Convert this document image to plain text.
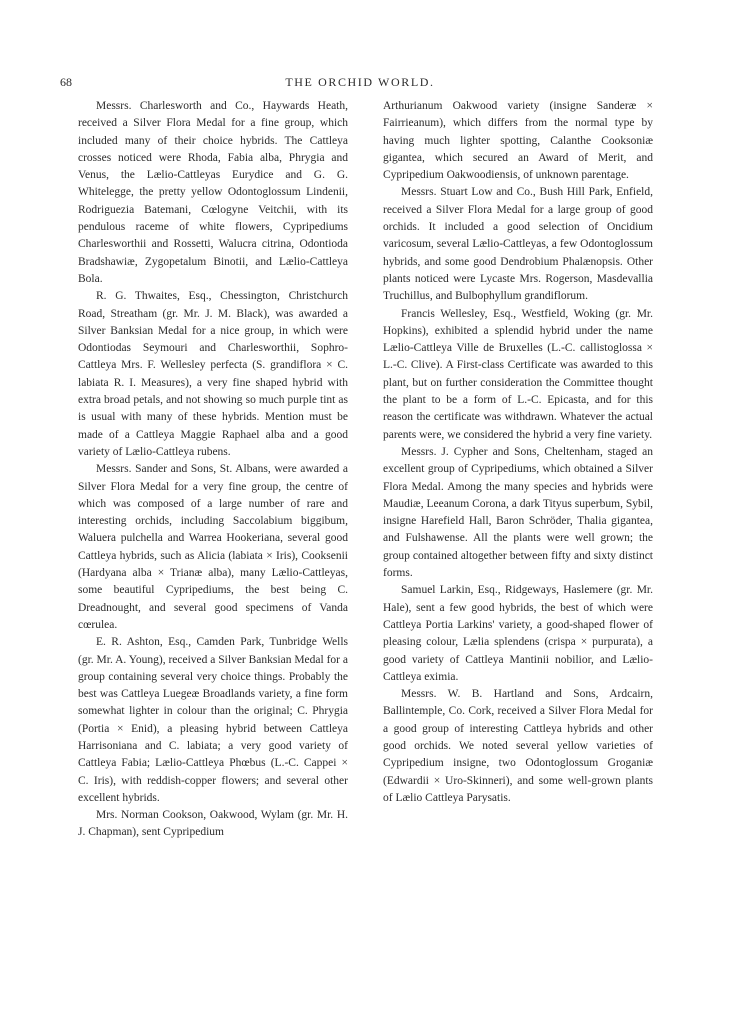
68	THE ORCHID WORLD.

Messrs. Charlesworth and Co., Haywards Heath, received a Silver Flora Medal for a fine group, which included many of their choice hybrids. The Cattleya crosses noticed were Rhoda, Fabia alba, Phrygia and Venus, the Lælio-Cattleyas Eurydice and G. G. Whitelegge, the pretty yellow Odontoglossum Lindenii, Rodriguezia Batemani, Cœlogyne Veitchii, with its pendulous raceme of white flowers, Cypripediums Charlesworthii and Rossetti, Walucra citrina, Odontioda Bradshawiæ, Zygopetalum Binotii, and Lælio-Cattleya Bola.

R. G. Thwaites, Esq., Chessington, Christchurch Road, Streatham (gr. Mr. J. M. Black), was awarded a Silver Banksian Medal for a nice group, in which were Odontiodas Seymouri and Charlesworthii, Sophro-Cattleya Mrs. F. Wellesley perfecta (S. grandiflora × C. labiata R. I. Measures), a very fine shaped hybrid with extra broad petals, and not showing so much purple tint as is usual with many of these hybrids. Mention must be made of a Cattleya Maggie Raphael alba and a good variety of Lælio-Cattleya rubens.

Messrs. Sander and Sons, St. Albans, were awarded a Silver Flora Medal for a very fine group, the centre of which was composed of a large number of rare and interesting orchids, including Saccolabium biggibum, Waluera pulchella and Warrea Hookeriana, several good Cattleya hybrids, such as Alicia (labiata × Iris), Cooksenii (Hardyana alba × Trianæ alba), many Lælio-Cattleyas, some beautiful Cypripediums, the best being C. Dreadnought, and several good specimens of Vanda cœrulea.

E. R. Ashton, Esq., Camden Park, Tunbridge Wells (gr. Mr. A. Young), received a Silver Banksian Medal for a group containing several very choice things. Probably the best was Cattleya Luegeæ Broadlands variety, a fine form somewhat lighter in colour than the original; C. Phrygia (Portia × Enid), a pleasing hybrid between Cattleya Harrisoniana and C. labiata; a very good variety of Cattleya Fabia; Lælio-Cattleya Phœbus (L.-C. Cappei × C. Iris), with reddish-copper flowers; and several other excellent hybrids.

Mrs. Norman Cookson, Oakwood, Wylam (gr. Mr. H. J. Chapman), sent Cypripedium

Arthurianum Oakwood variety (insigne Sanderæ × Fairrieanum), which differs from the normal type by having much lighter spotting, Calanthe Cooksoniæ gigantea, which secured an Award of Merit, and Cypripedium Oakwoodiensis, of unknown parentage.

Messrs. Stuart Low and Co., Bush Hill Park, Enfield, received a Silver Flora Medal for a large group of good orchids. It included a good selection of Oncidium varicosum, several Lælio-Cattleyas, a few Odontoglossum hybrids, and some good Dendrobium Phalænopsis. Other plants noticed were Lycaste Mrs. Rogerson, Masdevallia Truchillus, and Bulbophyllum grandiflorum.

Francis Wellesley, Esq., Westfield, Woking (gr. Mr. Hopkins), exhibited a splendid hybrid under the name Lælio-Cattleya Ville de Bruxelles (L.-C. callistoglossa × L.-C. Clive). A First-class Certificate was awarded to this plant, but on further consideration the Committee thought the plant to be a form of L.-C. Epicasta, and for this reason the certificate was withdrawn. Whatever the actual parents were, we considered the hybrid a very fine variety.

Messrs. J. Cypher and Sons, Cheltenham, staged an excellent group of Cypripediums, which obtained a Silver Flora Medal. Among the many species and hybrids were Maudiæ, Leeanum Corona, a dark Tityus superbum, Sybil, insigne Harefield Hall, Baron Schröder, Thalia gigantea, and Fulshawense. All the plants were well grown; the group contained altogether between fifty and sixty distinct forms.

Samuel Larkin, Esq., Ridgeways, Haslemere (gr. Mr. Hale), sent a few good hybrids, the best of which were Cattleya Portia Larkins' variety, a good-shaped flower of pleasing colour, Lælia splendens (crispa × purpurata), a good variety of Cattleya Mantinii nobilior, and Lælio-Cattleya eximia.

Messrs. W. B. Hartland and Sons, Ardcairn, Ballintemple, Co. Cork, received a Silver Flora Medal for a good group of interesting Cattleya hybrids and other good orchids. We noted several yellow varieties of Cypripedium insigne, two Odontoglossum Groganiæ (Edwardii × Uro-Skinneri), and some well-grown plants of Lælio Cattleya Parysatis.
